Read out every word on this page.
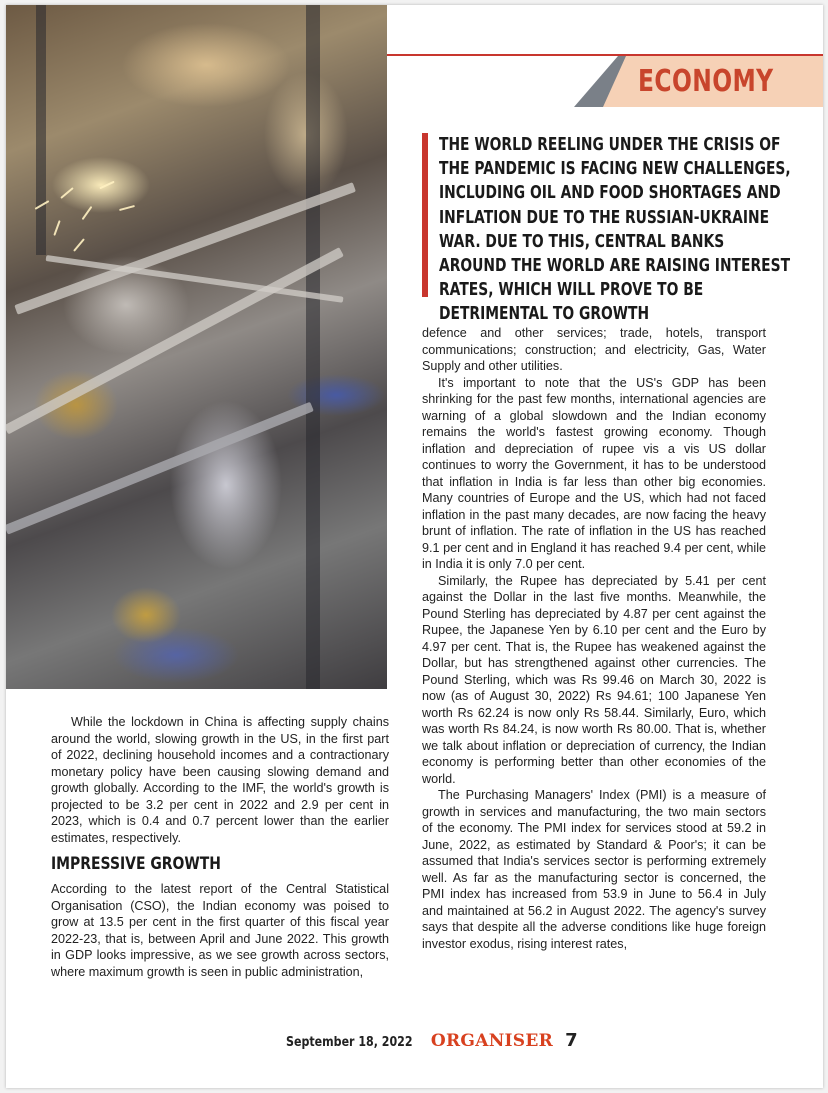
ECONOMY
THE WORLD REELING UNDER THE CRISIS OF THE PANDEMIC IS FACING NEW CHALLENGES, INCLUDING OIL AND FOOD SHORTAGES AND INFLATION DUE TO THE RUSSIAN-UKRAINE WAR. DUE TO THIS, CENTRAL BANKS AROUND THE WORLD ARE RAISING INTEREST RATES, WHICH WILL PROVE TO BE DETRIMENTAL TO GROWTH

defence and other services; trade, hotels, transport communications; construction; and electricity, Gas, Water Supply and other utilities.

It's important to note that the US's GDP has been shrinking for the past few months, international agencies are warning of a global slowdown and the Indian economy remains the world's fastest growing economy. Though inflation and depreciation of rupee vis a vis US dollar continues to worry the Government, it has to be understood that inflation in India is far less than other big economies. Many countries of Europe and the US, which had not faced inflation in the past many decades, are now facing the heavy brunt of inflation. The rate of inflation in the US has reached 9.1 per cent and in England it has reached 9.4 per cent, while in India it is only 7.0 per cent.

Similarly, the Rupee has depreciated by 5.41 per cent against the Dollar in the last five months. Meanwhile, the Pound Sterling has depreciated by 4.87 per cent against the Rupee, the Japanese Yen by 6.10 per cent and the Euro by 4.97 per cent. That is, the Rupee has weakened against the Dollar, but has strengthened against other currencies. The Pound Sterling, which was Rs 99.46 on March 30, 2022 is now (as of August 30, 2022) Rs 94.61; 100 Japanese Yen worth Rs 62.24 is now only Rs 58.44. Similarly, Euro, which was worth Rs 84.24, is now worth Rs 80.00. That is, whether we talk about inflation or depreciation of currency, the Indian economy is performing better than other economies of the world.

The Purchasing Managers' Index (PMI) is a measure of growth in services and manufacturing, the two main sectors of the economy. The PMI index for services stood at 59.2 in June, 2022, as estimated by Standard & Poor's; it can be assumed that India's services sector is performing extremely well. As far as the manufacturing sector is concerned, the PMI index has increased from 53.9 in June to 56.4 in July and maintained at 56.2 in August 2022. The agency's survey says that despite all the adverse conditions like huge foreign investor exodus, rising interest rates,

While the lockdown in China is affecting supply chains around the world, slowing growth in the US, in the first part of 2022, declining household incomes and a contractionary monetary policy have been causing slowing demand and growth globally. According to the IMF, the world's growth is projected to be 3.2 per cent in 2022 and 2.9 per cent in 2023, which is 0.4 and 0.7 percent lower than the earlier estimates, respectively.

IMPRESSIVE GROWTH

According to the latest report of the Central Statistical Organisation (CSO), the Indian economy was poised to grow at 13.5 per cent in the first quarter of this fiscal year 2022-23, that is, between April and June 2022. This growth in GDP looks impressive, as we see growth across sectors, where maximum growth is seen in public administration,

September 18, 2022 ORGANISER 7
